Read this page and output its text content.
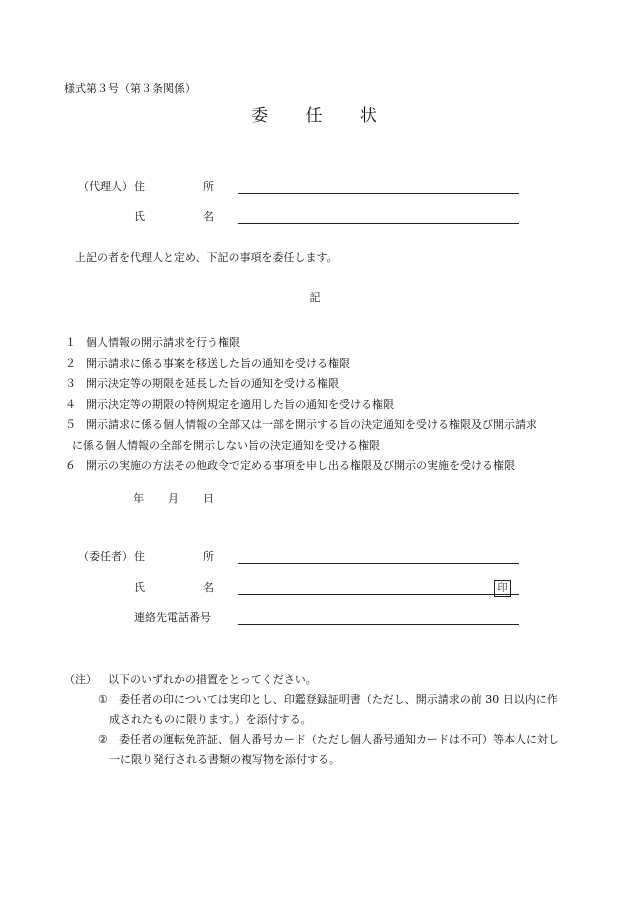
様式第３号（第３条関係）
委 任 状
（代理人） 住	所
氏	名
上記の者を代理人と定め、下記の事項を委任します。
記
１ 個人情報の開示請求を行う権限
２ 開示請求に係る事案を移送した旨の通知を受ける権限
３ 開示決定等の期限を延長した旨の通知を受ける権限
４ 開示決定等の期限の特例規定を適用した旨の通知を受ける権限
５ 開示請求に係る個人情報の全部又は一部を開示する旨の決定通知を受ける権限及び開示請求
に係る個人情報の全部を開示しない旨の決定通知を受ける権限
６ 開示の実施の方法その他政令で定める事項を申し出る権限及び開示の実施を受ける権限
年 月 日
（委任者） 住	所
氏	名	印
連絡先電話番号
（注） 以下のいずれかの措置をとってください。
① 委任者の印については実印とし、印鑑登録証明書（ただし、開示請求の前 30 日以内に作
成されたものに限ります。）を添付する。
② 委任者の運転免許証、個人番号カード（ただし個人番号通知カードは不可）等本人に対し
一に限り発行される書類の複写物を添付する。
